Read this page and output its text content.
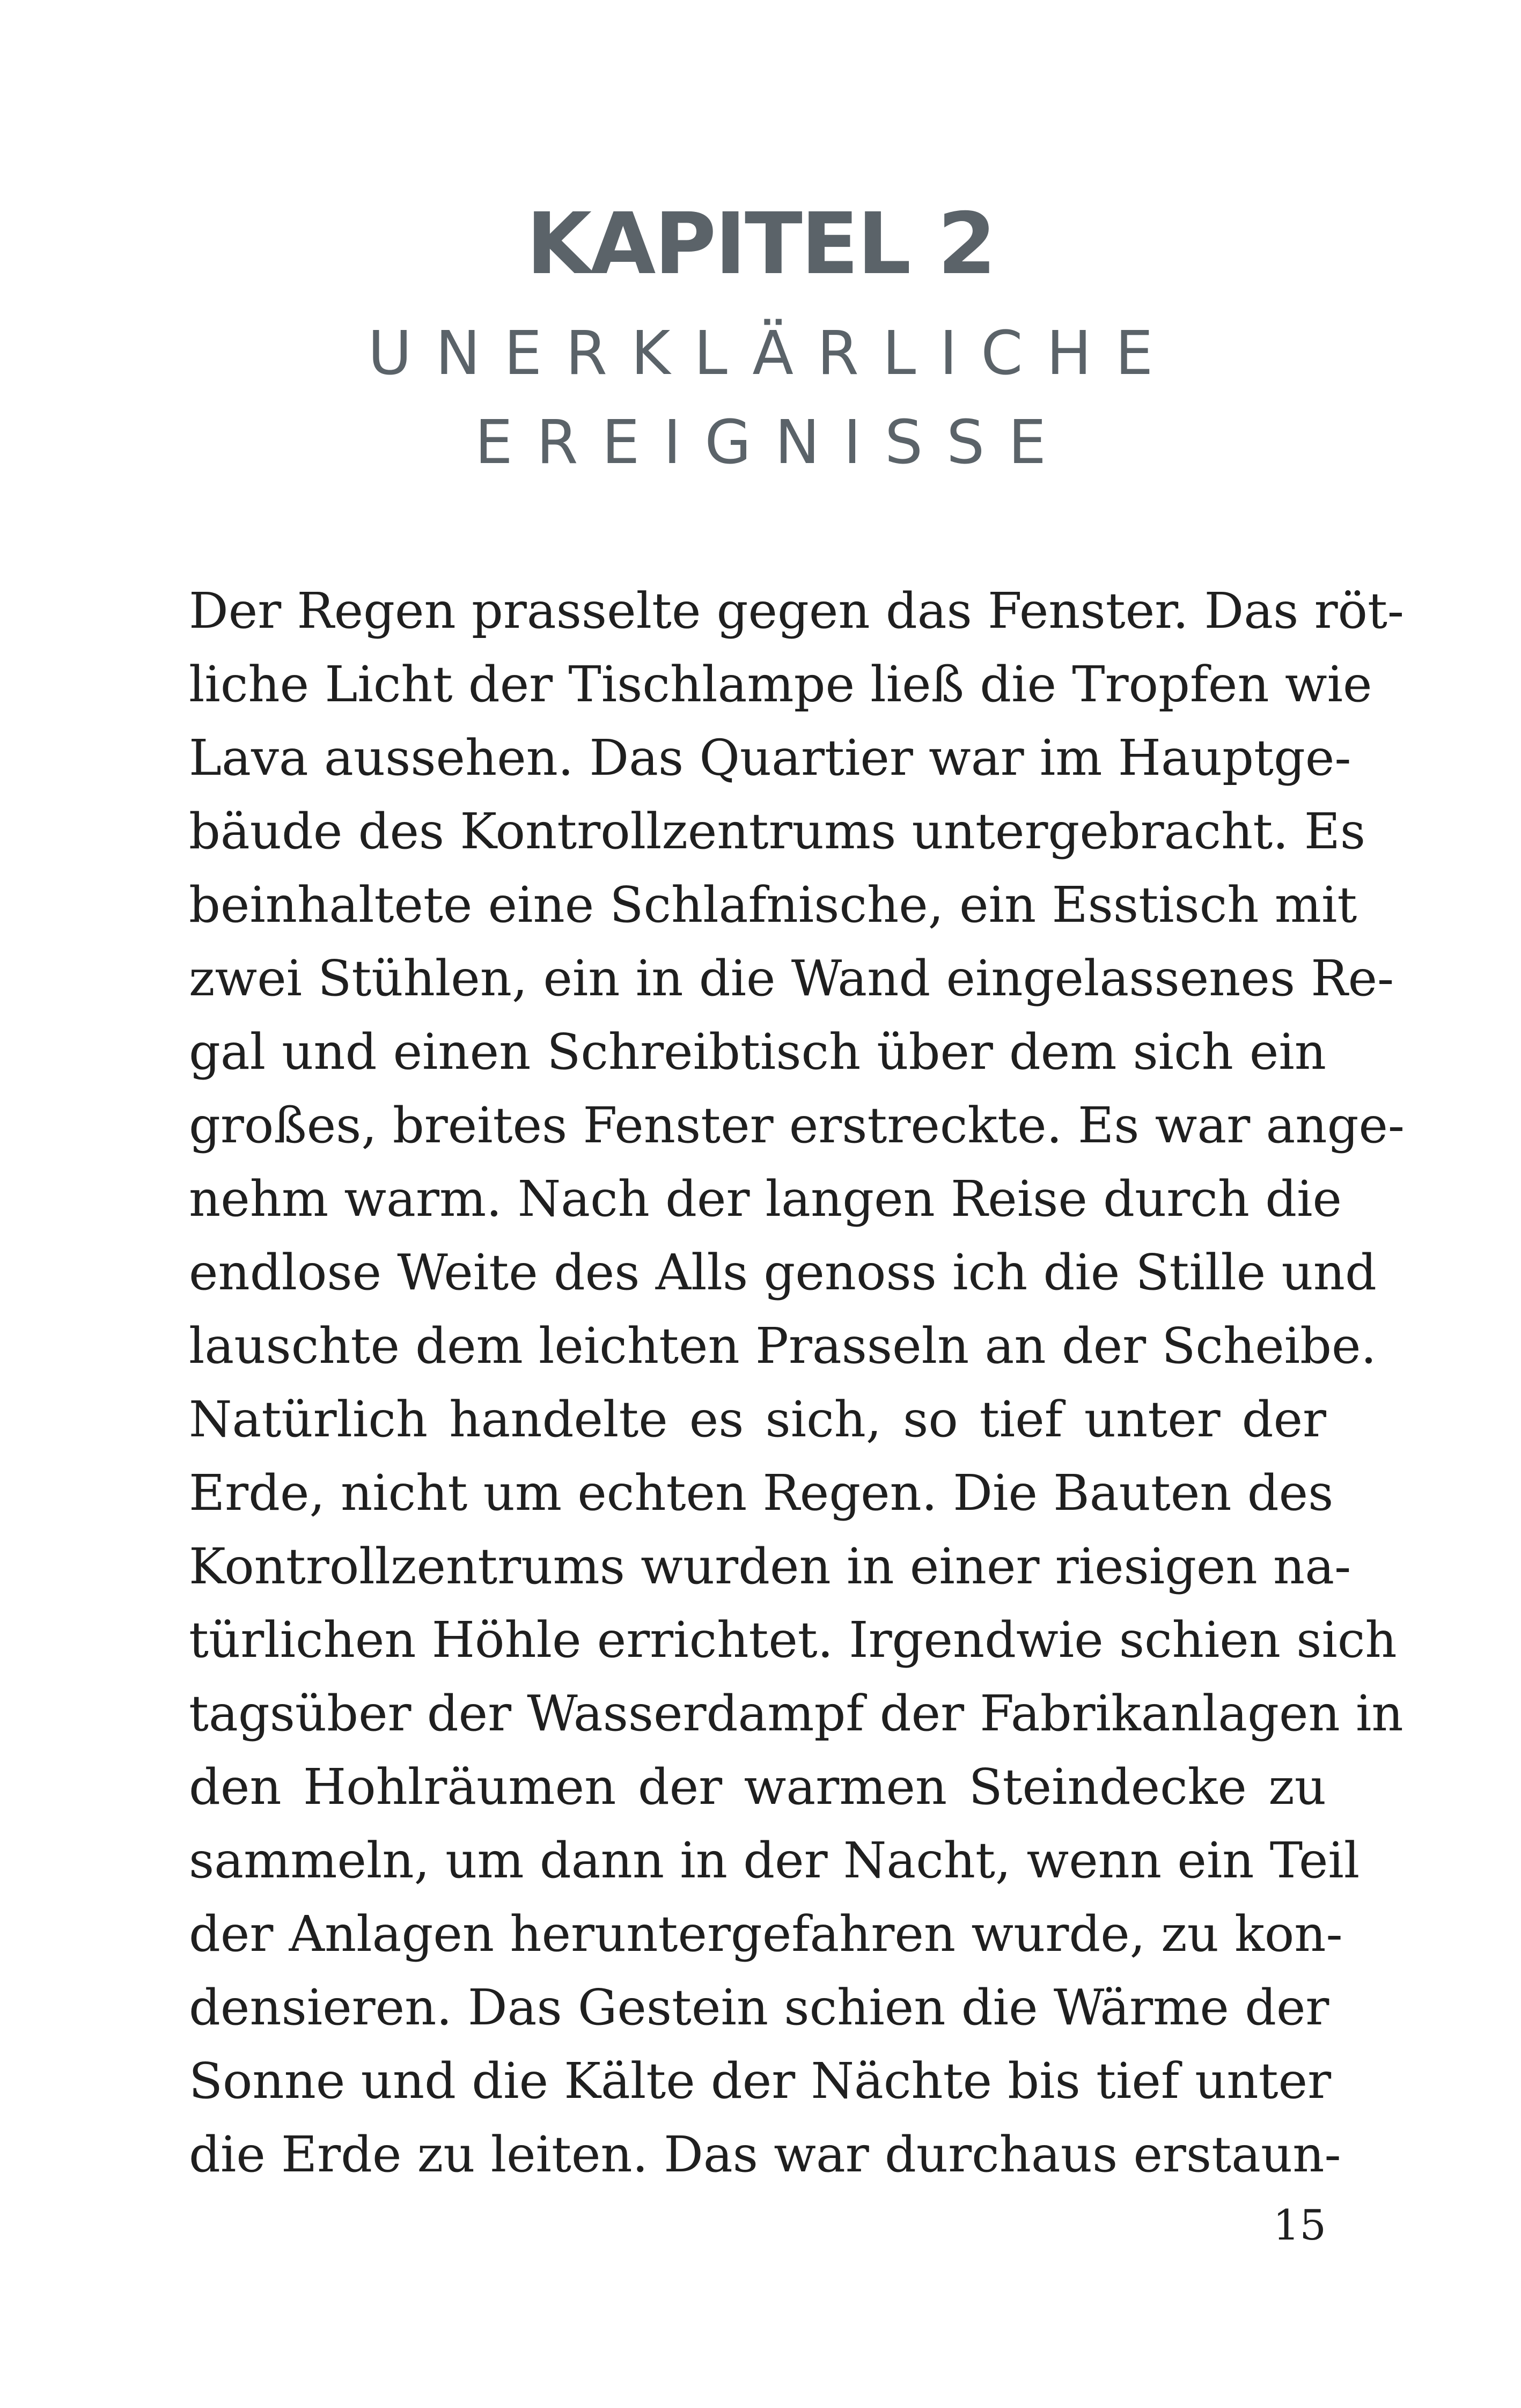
KAPITEL 2
UNERKLÄRLICHE
EREIGNISSE
Der Regen prasselte gegen das Fenster. Das röt-
liche Licht der Tischlampe ließ die Tropfen wie
Lava aussehen. Das Quartier war im Hauptge-
bäude des Kontrollzentrums untergebracht. Es
beinhaltete eine Schlafnische, ein Esstisch mit
zwei Stühlen, ein in die Wand eingelassenes Re-
gal und einen Schreibtisch über dem sich ein
großes, breites Fenster erstreckte. Es war ange-
nehm warm. Nach der langen Reise durch die
endlose Weite des Alls genoss ich die Stille und
lauschte dem leichten Prasseln an der Scheibe.
Natürlich handelte es sich, so tief unter der
Erde, nicht um echten Regen. Die Bauten des
Kontrollzentrums wurden in einer riesigen na-
türlichen Höhle errichtet. Irgendwie schien sich
tagsüber der Wasserdampf der Fabrikanlagen in
den Hohlräumen der warmen Steindecke zu
sammeln, um dann in der Nacht, wenn ein Teil
der Anlagen heruntergefahren wurde, zu kon-
densieren. Das Gestein schien die Wärme der
Sonne und die Kälte der Nächte bis tief unter
die Erde zu leiten. Das war durchaus erstaun-
15
